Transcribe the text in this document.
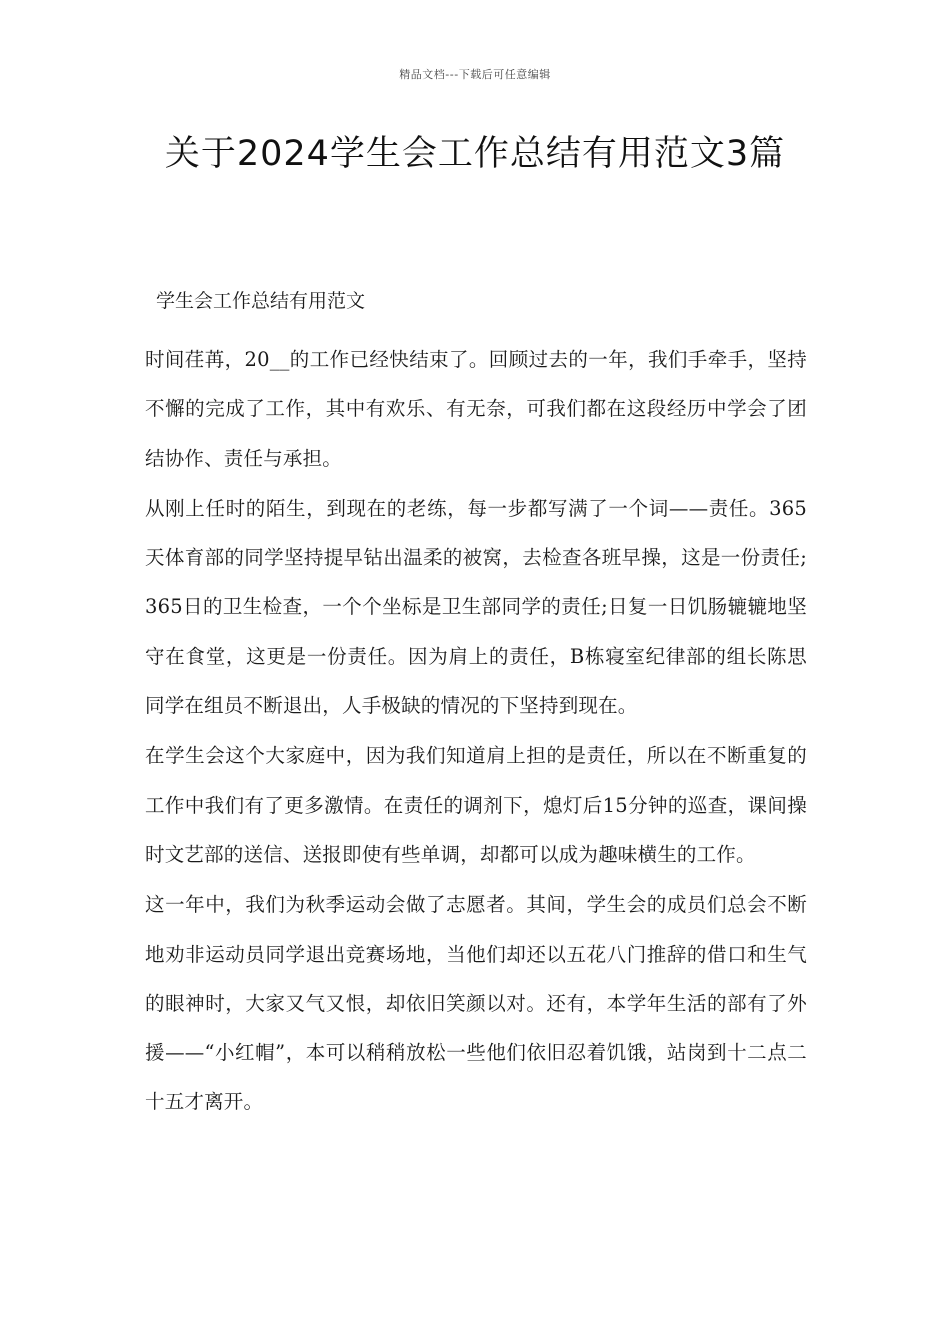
精品文档---下载后可任意编辑
关于2024学生会工作总结有用范文3篇

学生会工作总结有用范文

时间荏苒，20__的工作已经快结束了。回顾过去的一年，我们手牵手，坚持不懈的完成了工作，其中有欢乐、有无奈，可我们都在这段经历中学会了团结协作、责任与承担。

从刚上任时的陌生，到现在的老练，每一步都写满了一个词——责任。365天体育部的同学坚持提早钻出温柔的被窝，去检查各班早操，这是一份责任;365日的卫生检查，一个个坐标是卫生部同学的责任;日复一日饥肠辘辘地坚守在食堂，这更是一份责任。因为肩上的责任，B栋寝室纪律部的组长陈思同学在组员不断退出，人手极缺的情况的下坚持到现在。

在学生会这个大家庭中，因为我们知道肩上担的是责任，所以在不断重复的工作中我们有了更多激情。在责任的调剂下，熄灯后15分钟的巡查，课间操时文艺部的送信、送报即使有些单调，却都可以成为趣味横生的工作。

这一年中，我们为秋季运动会做了志愿者。其间，学生会的成员们总会不断地劝非运动员同学退出竞赛场地，当他们却还以五花八门推辞的借口和生气的眼神时，大家又气又恨，却依旧笑颜以对。还有，本学年生活的部有了外援——“小红帽”，本可以稍稍放松一些他们依旧忍着饥饿，站岗到十二点二十五才离开。
